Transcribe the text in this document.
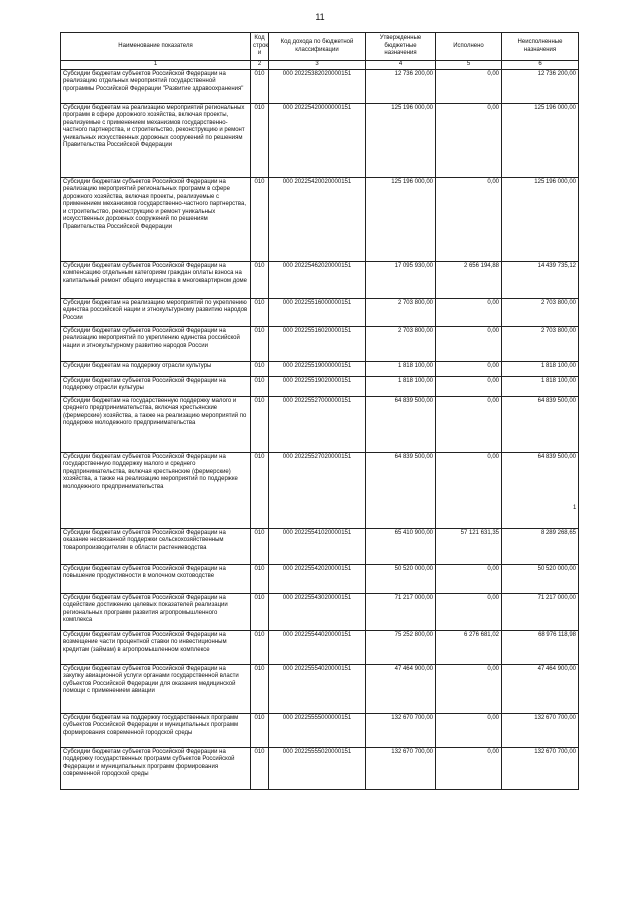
11
Наименование показателя	Код строк и	Код дохода по бюджетной классификации	Утвержденные бюджетные назначения	Исполнено	Неисполненные назначения
1	2	3	4	5	6
Субсидии бюджетам субъектов Российской Федерации на реализацию отдельных мероприятий государственной программы Российской Федерации "Развитие здравоохранения"	010	000 20225382020000151	12 736 200,00	0,00	12 736 200,00
Субсидии бюджетам на реализацию мероприятий региональных программ в сфере дорожного хозяйства, включая проекты, реализуемые с применением механизмов государственно-частного партнерства, и строительство, реконструкцию и ремонт уникальных искусственных дорожных сооружений по решениям Правительства Российской Федерации	010	000 20225420000000151	125 196 000,00	0,00	125 196 000,00
Субсидии бюджетам субъектов Российской Федерации на реализацию мероприятий региональных программ в сфере дорожного хозяйства, включая проекты, реализуемые с применением механизмов государственно-частного партнерства, и строительство, реконструкцию и ремонт уникальных искусственных дорожных сооружений по решениям Правительства Российской Федерации	010	000 20225420020000151	125 196 000,00	0,00	125 196 000,00
Субсидии бюджетам субъектов Российской Федерации на компенсацию отдельным категориям граждан оплаты взноса на капитальный ремонт общего имущества в многоквартирном доме	010	000 20225462020000151	17 095 930,00	2 656 194,88	14 439 735,12
Субсидии бюджетам на реализацию мероприятий по укреплению единства российской нации и этнокультурному развитию народов России	010	000 20225516000000151	2 703 800,00	0,00	2 703 800,00
Субсидии бюджетам субъектов Российской Федерации на реализацию мероприятий по укреплению единства российской нации и этнокультурному развитию народов России	010	000 20225516020000151	2 703 800,00	0,00	2 703 800,00
Субсидии бюджетам на поддержку отрасли культуры	010	000 20225519000000151	1 818 100,00	0,00	1 818 100,00
Субсидии бюджетам субъектов Российской Федерации на поддержку отрасли культуры	010	000 20225519020000151	1 818 100,00	0,00	1 818 100,00
Субсидии бюджетам на государственную поддержку малого и среднего предпринимательства, включая крестьянские (фермерские) хозяйства, а также на реализацию мероприятий по поддержке молодежного предпринимательства	010	000 20225527000000151	64 839 500,00	0,00	64 839 500,00
Субсидии бюджетам субъектов Российской Федерации на государственную поддержку малого и среднего предпринимательства, включая крестьянские (фермерские) хозяйства, а также на реализацию мероприятий по поддержке молодежного предпринимательства	010	000 20225527020000151	64 839 500,00	0,00	64 839 500,00
Субсидии бюджетам субъектов Российской Федерации на оказание несвязанной поддержки сельскохозяйственным товаропроизводителям в области растениеводства	010	000 20225541020000151	65 410 900,00	57 121 631,35	8 289 268,65
Субсидии бюджетам субъектов Российской Федерации на повышение продуктивности в молочном скотоводстве	010	000 20225542020000151	50 520 000,00	0,00	50 520 000,00
Субсидии бюджетам субъектов Российской Федерации на содействие достижению целевых показателей реализации региональных программ развития агропромышленного комплекса	010	000 20225543020000151	71 217 000,00	0,00	71 217 000,00
Субсидии бюджетам субъектов Российской Федерации на возмещение части процентной ставки по инвестиционным кредитам (займам) в агропромышленном комплексе	010	000 20225544020000151	75 252 800,00	6 276 681,02	68 976 118,98
Субсидии бюджетам субъектов Российской Федерации на закупку авиационной услуги органами государственной власти субъектов Российской Федерации для оказания медицинской помощи с применением авиации	010	000 20225554020000151	47 464 900,00	0,00	47 464 900,00
Субсидии бюджетам на поддержку государственных программ субъектов Российской Федерации и муниципальных программ формирования современной городской среды	010	000 20225555000000151	132 670 700,00	0,00	132 670 700,00
Субсидии бюджетам субъектов Российской Федерации на поддержку государственных программ субъектов Российской Федерации и муниципальных программ формирования современной городской среды	010	000 20225555020000151	132 670 700,00	0,00	132 670 700,00
1
